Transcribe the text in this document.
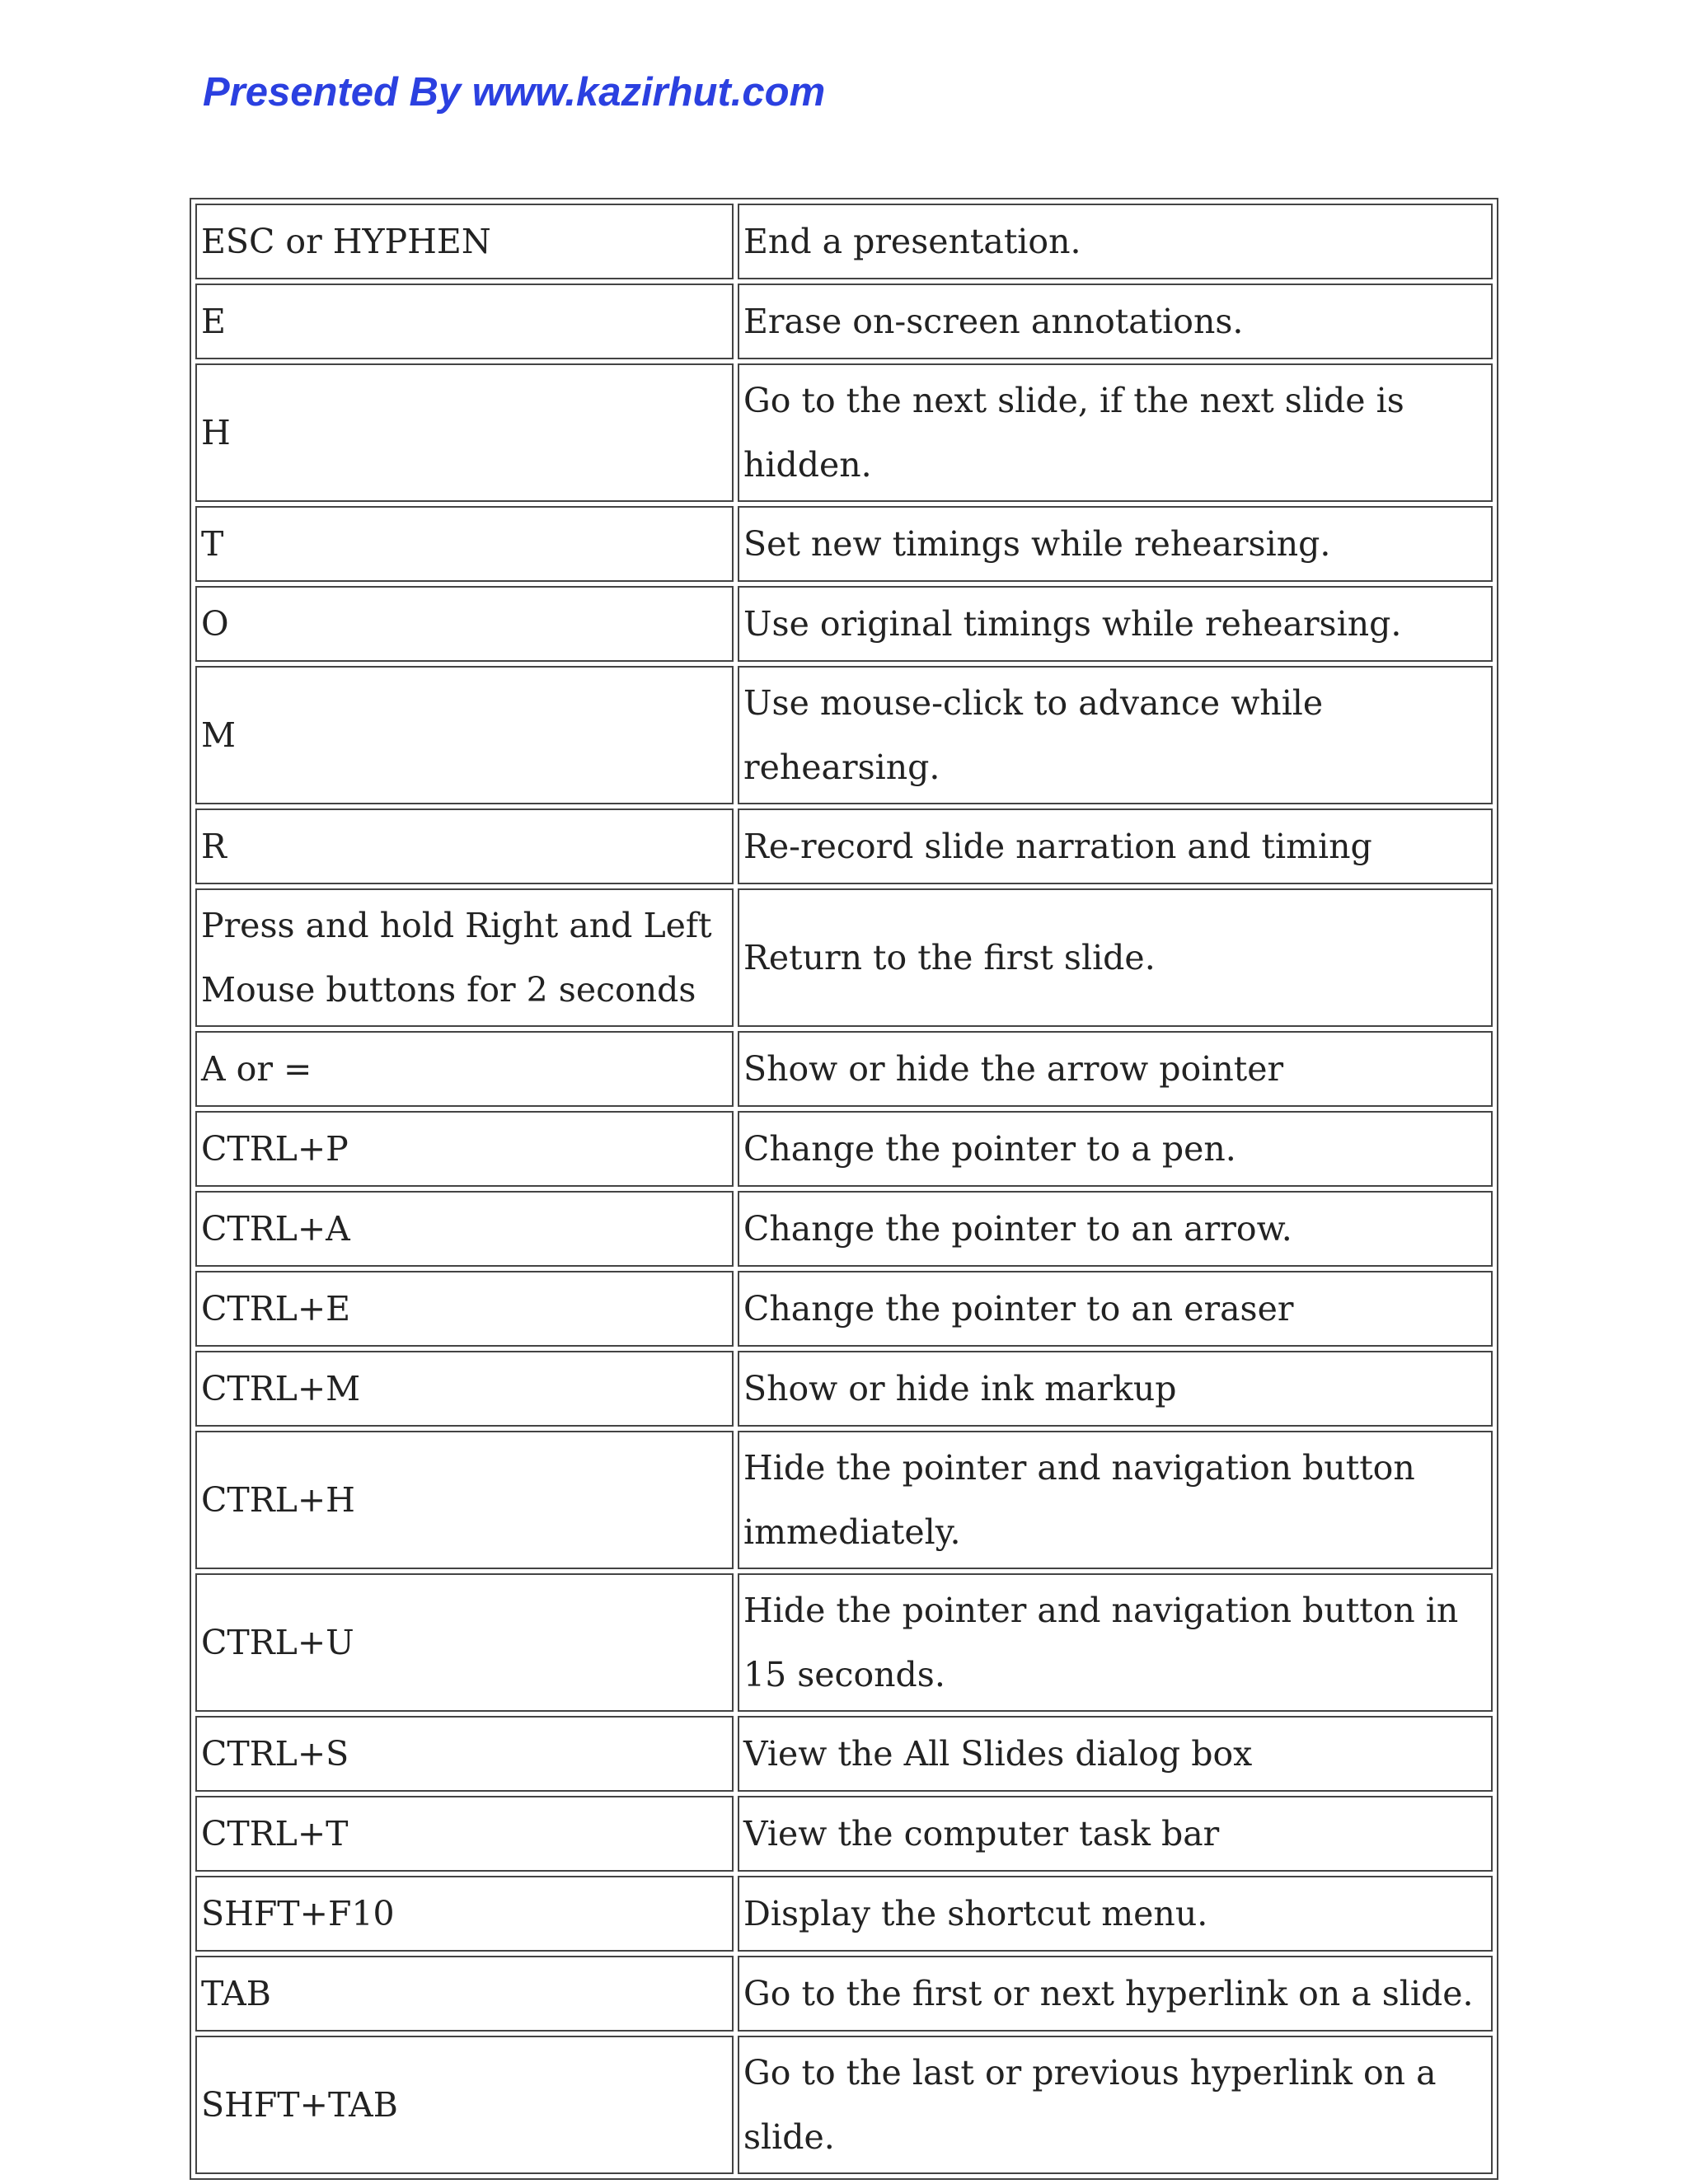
Presented By www.kazirhut.com
ESC or HYPHEN	End a presentation.
E	Erase on-screen annotations.
H	Go to the next slide, if the next slide is hidden.
T	Set new timings while rehearsing.
O	Use original timings while rehearsing.
M	Use mouse-click to advance while rehearsing.
R	Re-record slide narration and timing
Press and hold Right and Left Mouse buttons for 2 seconds	Return to the first slide.
A or =	Show or hide the arrow pointer
CTRL+P	Change the pointer to a pen.
CTRL+A	Change the pointer to an arrow.
CTRL+E	Change the pointer to an eraser
CTRL+M	Show or hide ink markup
CTRL+H	Hide the pointer and navigation button immediately.
CTRL+U	Hide the pointer and navigation button in 15 seconds.
CTRL+S	View the All Slides dialog box
CTRL+T	View the computer task bar
SHFT+F10	Display the shortcut menu.
TAB	Go to the first or next hyperlink on a slide.
SHFT+TAB	Go to the last or previous hyperlink on a slide.
